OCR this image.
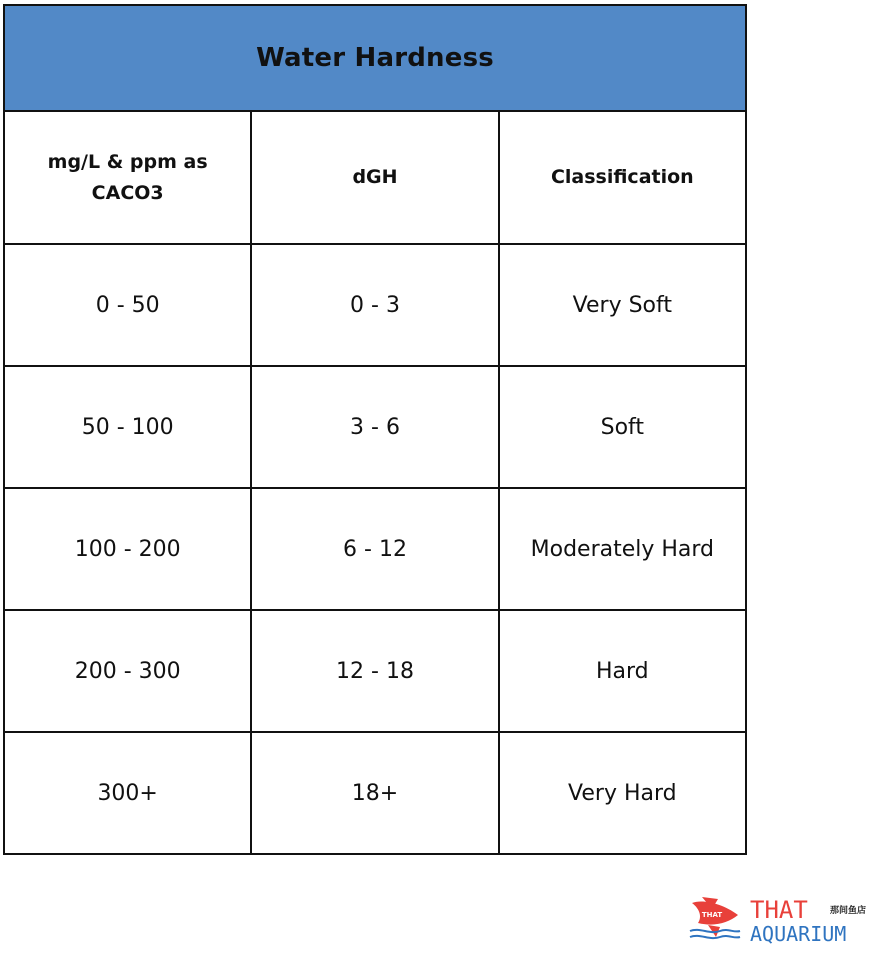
Water Hardness		
mg/L & ppm as CACO3	dGH	Classification
0 - 50	0 - 3	Very Soft
50 - 100	3 - 6	Soft
100 - 200	6 - 12	Moderately Hard
200 - 300	12 - 18	Hard
300+	18+	Very Hard
THAT THAT 那间鱼店
AQUARIUM
